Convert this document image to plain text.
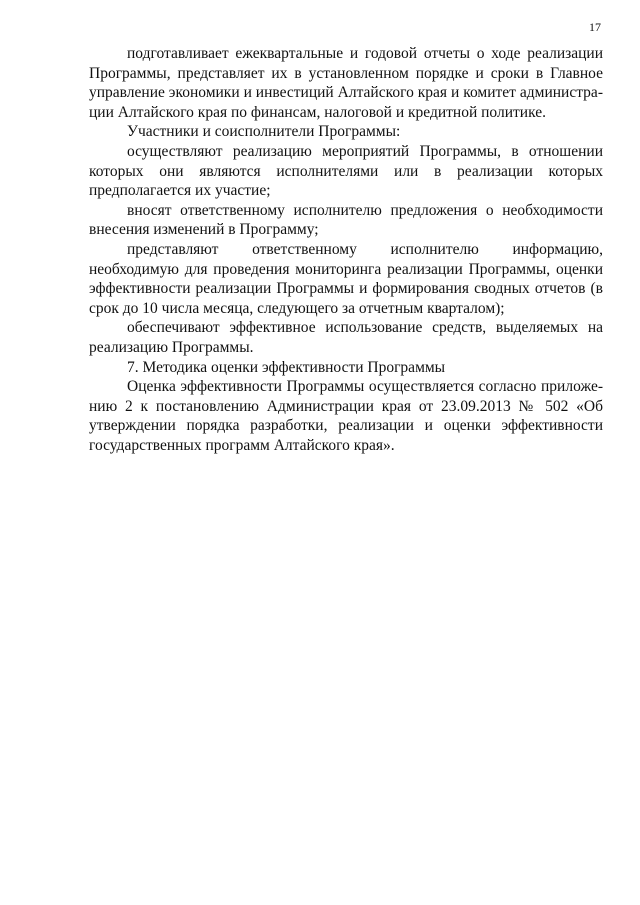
17

подготавливает ежеквартальные и годовой отчеты о ходе реализации Программы, представляет их в установленном порядке и сроки в Главное управление экономики и инвестиций Алтайского края и комитет администрации Алтайского края по финансам, налоговой и кредитной политике.

Участники и соисполнители Программы:

осуществляют реализацию мероприятий Программы, в отношении которых они являются исполнителями или в реализации которых предполагается их участие;

вносят ответственному исполнителю предложения о необходимости внесения изменений в Программу;

представляют ответственному исполнителю информацию, необходимую для проведения мониторинга реализации Программы, оценки эффективности реализации Программы и формирования сводных отчетов (в срок до 10 числа месяца, следующего за отчетным кварталом);

обеспечивают эффективное использование средств, выделяемых на реализацию Программы.

7. Методика оценки эффективности Программы

Оценка эффективности Программы осуществляется согласно приложению 2 к постановлению Администрации края от 23.09.2013 № 502 «Об утверждении порядка разработки, реализации и оценки эффективности государственных программ Алтайского края».
